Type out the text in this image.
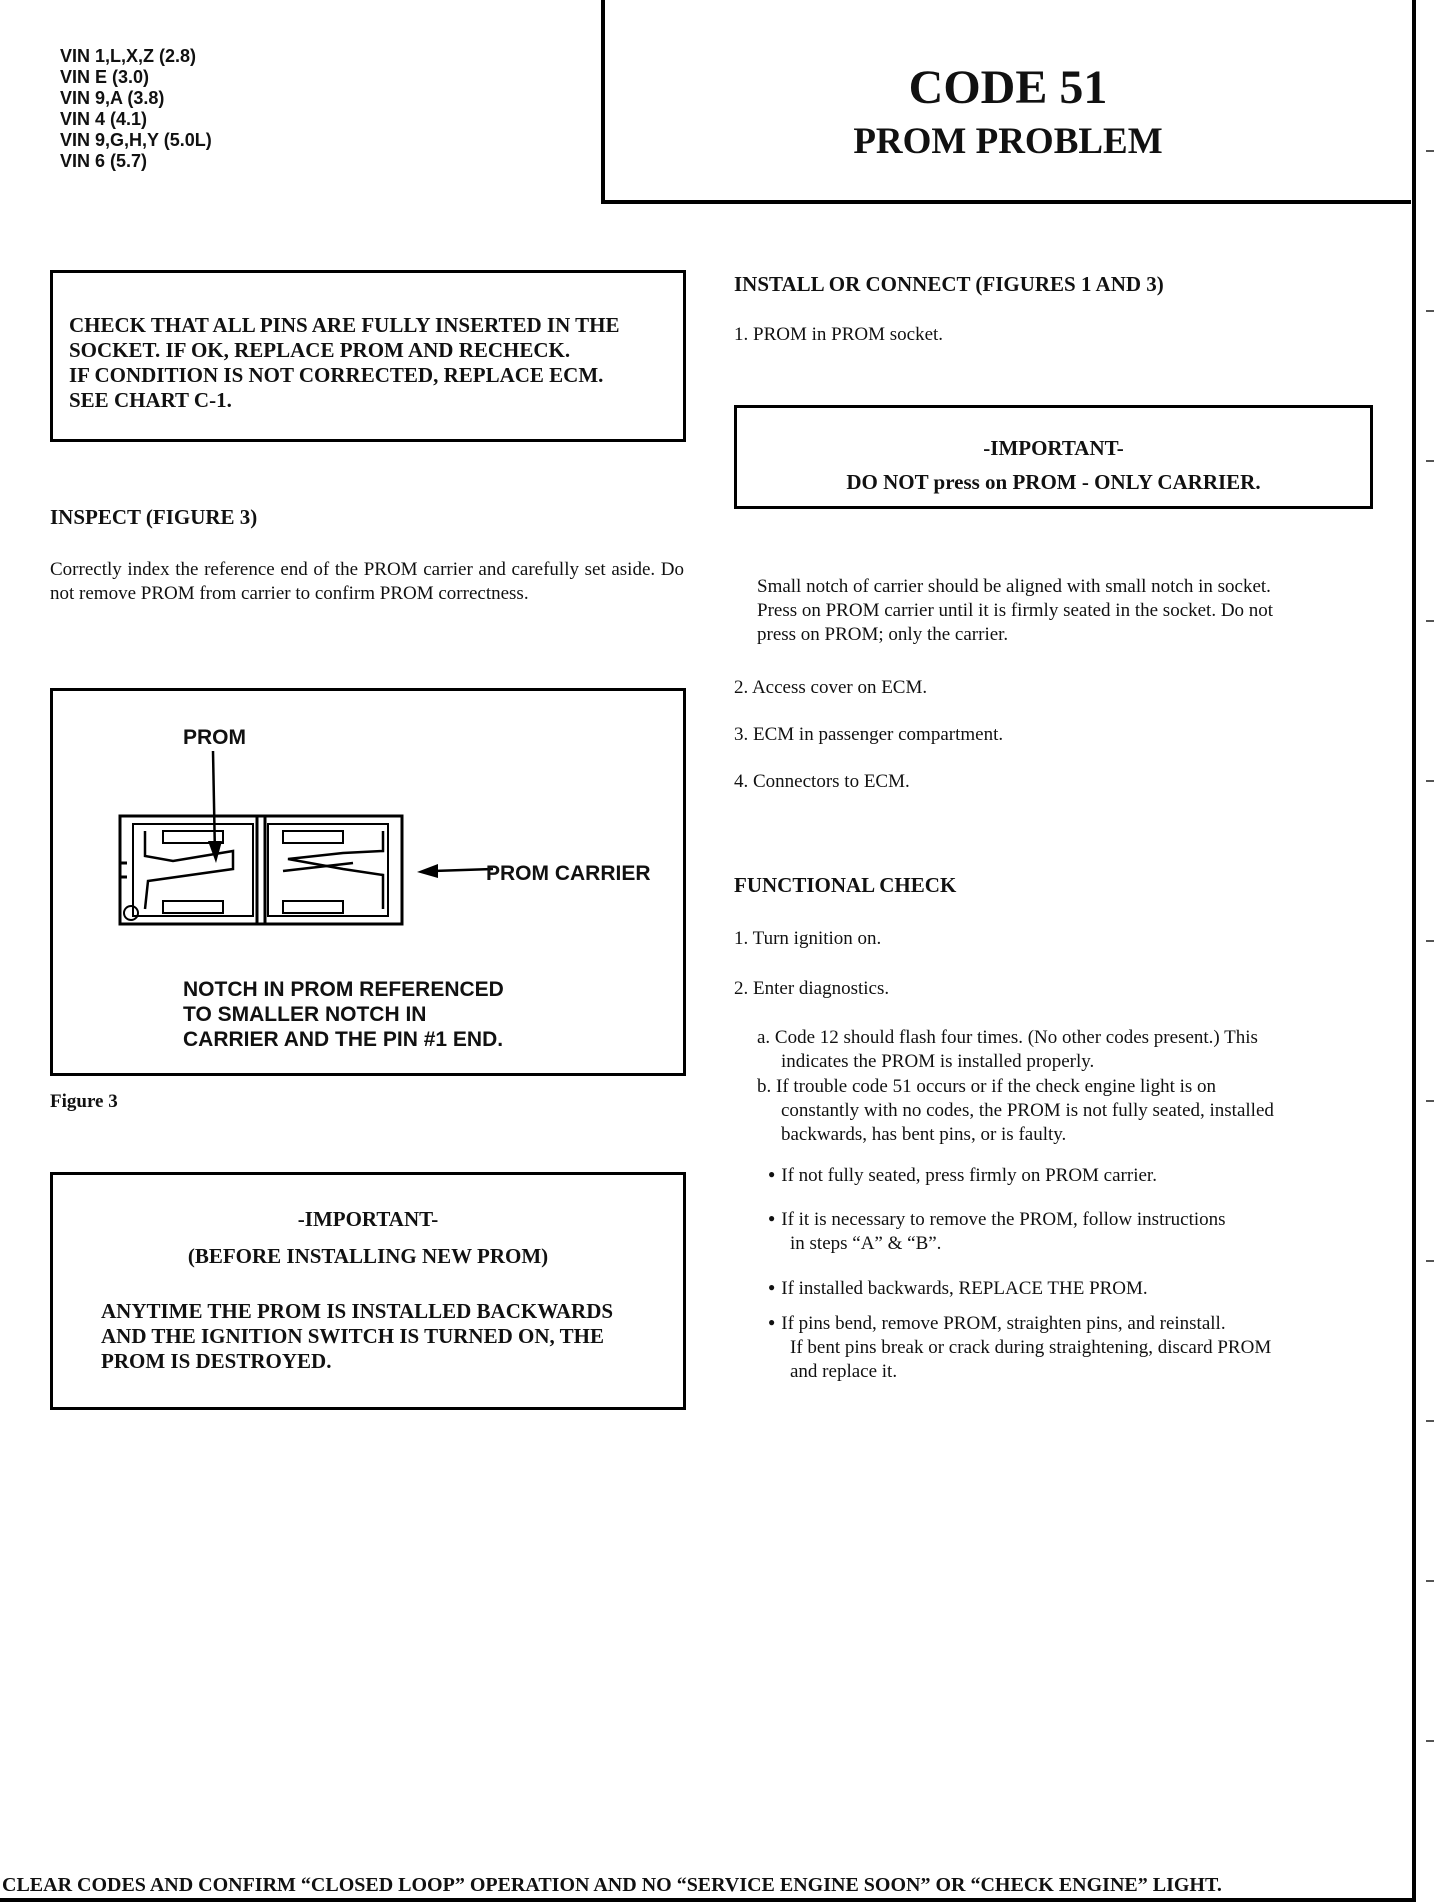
VIN 1,L,X,Z (2.8)
VIN E (3.0)
VIN 9,A (3.8)
VIN 4 (4.1)
VIN 9,G,H,Y (5.0L)
VIN 6 (5.7)
CODE 51
PROM PROBLEM
CHECK THAT ALL PINS ARE FULLY INSERTED IN THE
SOCKET. IF OK, REPLACE PROM AND RECHECK.
IF CONDITION IS NOT CORRECTED, REPLACE ECM.
SEE CHART C-1.
INSPECT (FIGURE 3)
Correctly index the reference end of the PROM carrier and carefully set aside. Do not remove PROM from carrier to confirm PROM correctness.
PROM
PROM CARRIER
NOTCH IN PROM REFERENCED
TO SMALLER NOTCH IN
CARRIER AND THE PIN #1 END.
Figure 3
-IMPORTANT-
(BEFORE INSTALLING NEW PROM)
ANYTIME THE PROM IS INSTALLED BACKWARDS
AND THE IGNITION SWITCH IS TURNED ON, THE
PROM IS DESTROYED.
INSTALL OR CONNECT (FIGURES 1 AND 3)
1. PROM in PROM socket.
-IMPORTANT-
DO NOT press on PROM - ONLY CARRIER.
Small notch of carrier should be aligned with small notch in socket.
Press on PROM carrier until it is firmly seated in the socket. Do not
press on PROM; only the carrier.
2. Access cover on ECM.
3. ECM in passenger compartment.
4. Connectors to ECM.
FUNCTIONAL CHECK
1. Turn ignition on.
2. Enter diagnostics.
a. Code 12 should flash four times. (No other codes present.) This
indicates the PROM is installed properly.
b. If trouble code 51 occurs or if the check engine light is on
constantly with no codes, the PROM is not fully seated, installed
backwards, has bent pins, or is faulty.
● If not fully seated, press firmly on PROM carrier.
● If it is necessary to remove the PROM, follow instructions
in steps “A” & “B”.
● If installed backwards, REPLACE THE PROM.
● If pins bend, remove PROM, straighten pins, and reinstall.
If bent pins break or crack during straightening, discard PROM
and replace it.
CLEAR CODES AND CONFIRM “CLOSED LOOP” OPERATION AND NO “SERVICE ENGINE SOON” OR “CHECK ENGINE” LIGHT.
